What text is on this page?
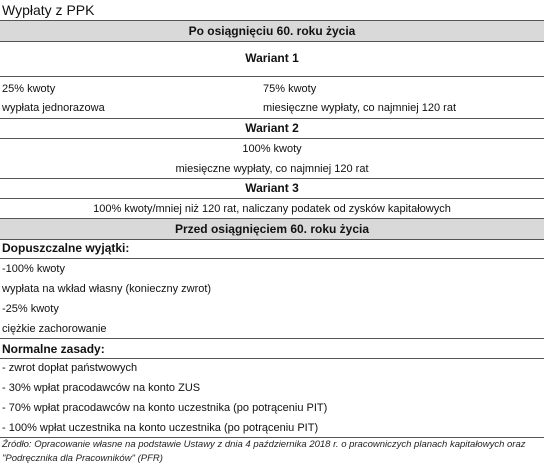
Wypłaty z PPK
Po osiągnięciu 60. roku życia
Wariant 1
25% kwoty	75% kwoty
wypłata jednorazowa	miesięczne wypłaty, co najmniej 120 rat
Wariant 2
100% kwoty
miesięczne wypłaty, co najmniej 120 rat
Wariant 3
100% kwoty/mniej niż 120 rat, naliczany podatek od zysków kapitałowych
Przed osiągnięciem 60. roku życia
Dopuszczalne wyjątki:
-100% kwoty
wypłata na wkład własny (konieczny zwrot)
-25% kwoty
ciężkie zachorowanie
Normalne zasady:
- zwrot dopłat państwowych
- 30% wpłat pracodawców na konto ZUS
- 70% wpłat pracodawców na konto uczestnika (po potrąceniu PIT)
- 100% wpłat uczestnika na konto uczestnika (po potrąceniu PIT)
Źródło: Opracowanie własne na podstawie Ustawy z dnia 4 października 2018 r. o pracowniczych planach kapitałowych oraz "Podręcznika dla Pracowników" (PFR)
